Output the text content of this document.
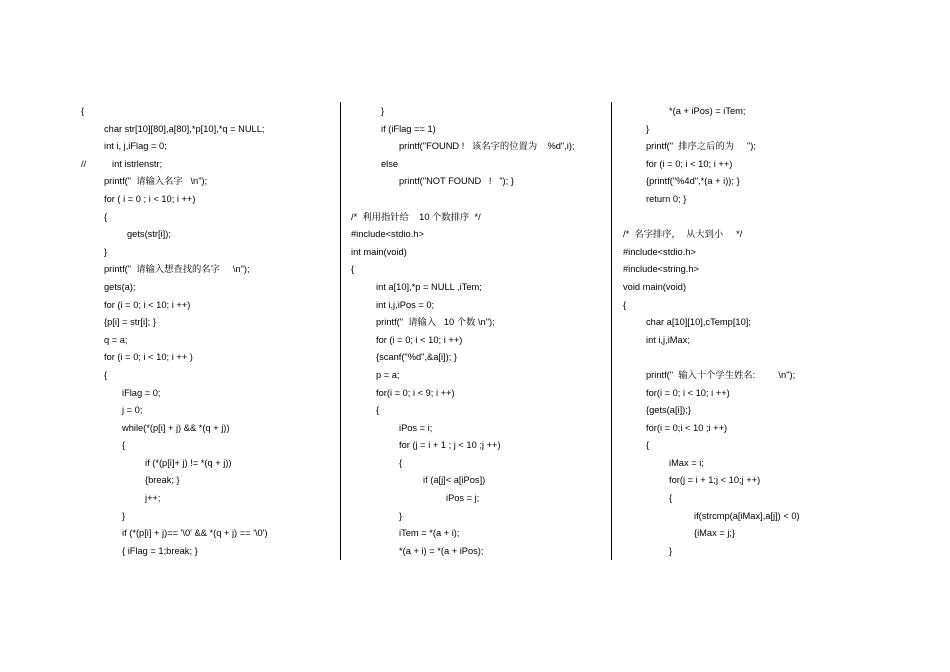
{
char str[10][80],a[80],*p[10],*q = NULL;
int i, j,iFlag = 0;
//	int istrlenstr;
printf("  请输入名字   \n");
for ( i = 0 ; i < 10; i ++)
{
gets(str[i]);
}
printf("  请输入想查找的名字     \n");
gets(a);
for (i = 0; i < 10; i ++)
{p[i] = str[i]; }
q = a;
for (i = 0; i < 10; i ++ )
{
iFlag = 0;
j = 0;
while(*(p[i] + j) && *(q + j))
{
if (*(p[i]+ j) != *(q + j))
{break; }
j++;
}
if (*(p[i] + j)== '\0' && *(q + j) == '\0')
{ iFlag = 1;break; }
}
if (iFlag == 1)
printf("FOUND !   该名字的位置为    %d",i);
else
printf("NOT FOUND   !   "); }
/*  利用指针给    10 个数排序  */
#include<stdio.h>
int main(void)
{
int a[10],*p = NULL ,iTem;
int i,j,iPos = 0;
printf("  请输入   10 个数 \n");
for (i = 0; i < 10; i ++)
{scanf("%d",&a[i]); }
p = a;
for(i = 0; i < 9; i ++)
{
iPos = i;
for (j = i + 1 ; j < 10 ;j ++)
{
if (a[j]< a[iPos])
iPos = j;
}
iTem = *(a + i);
*(a + i) = *(a + iPos);
*(a + iPos) = iTem;
}
printf("  排序之后的为     ");
for (i = 0; i < 10; i ++)
{printf("%4d",*(a + i)); }
return 0; }
/*  名字排序，  从大到小     */
#include<stdio.h>
#include<string.h>
void main(void)
{
char a[10][10],cTemp[10];
int i,j,iMax;
printf("  输入十个学生姓名:         \n");
for(i = 0; i < 10; i ++)
{gets(a[i]);}
for(i = 0;i < 10 ;i ++)
{
iMax = i;
for(j = i + 1;j < 10;j ++)
{
if(strcmp(a[iMax],a[j]) < 0)
{iMax = j;}
}
